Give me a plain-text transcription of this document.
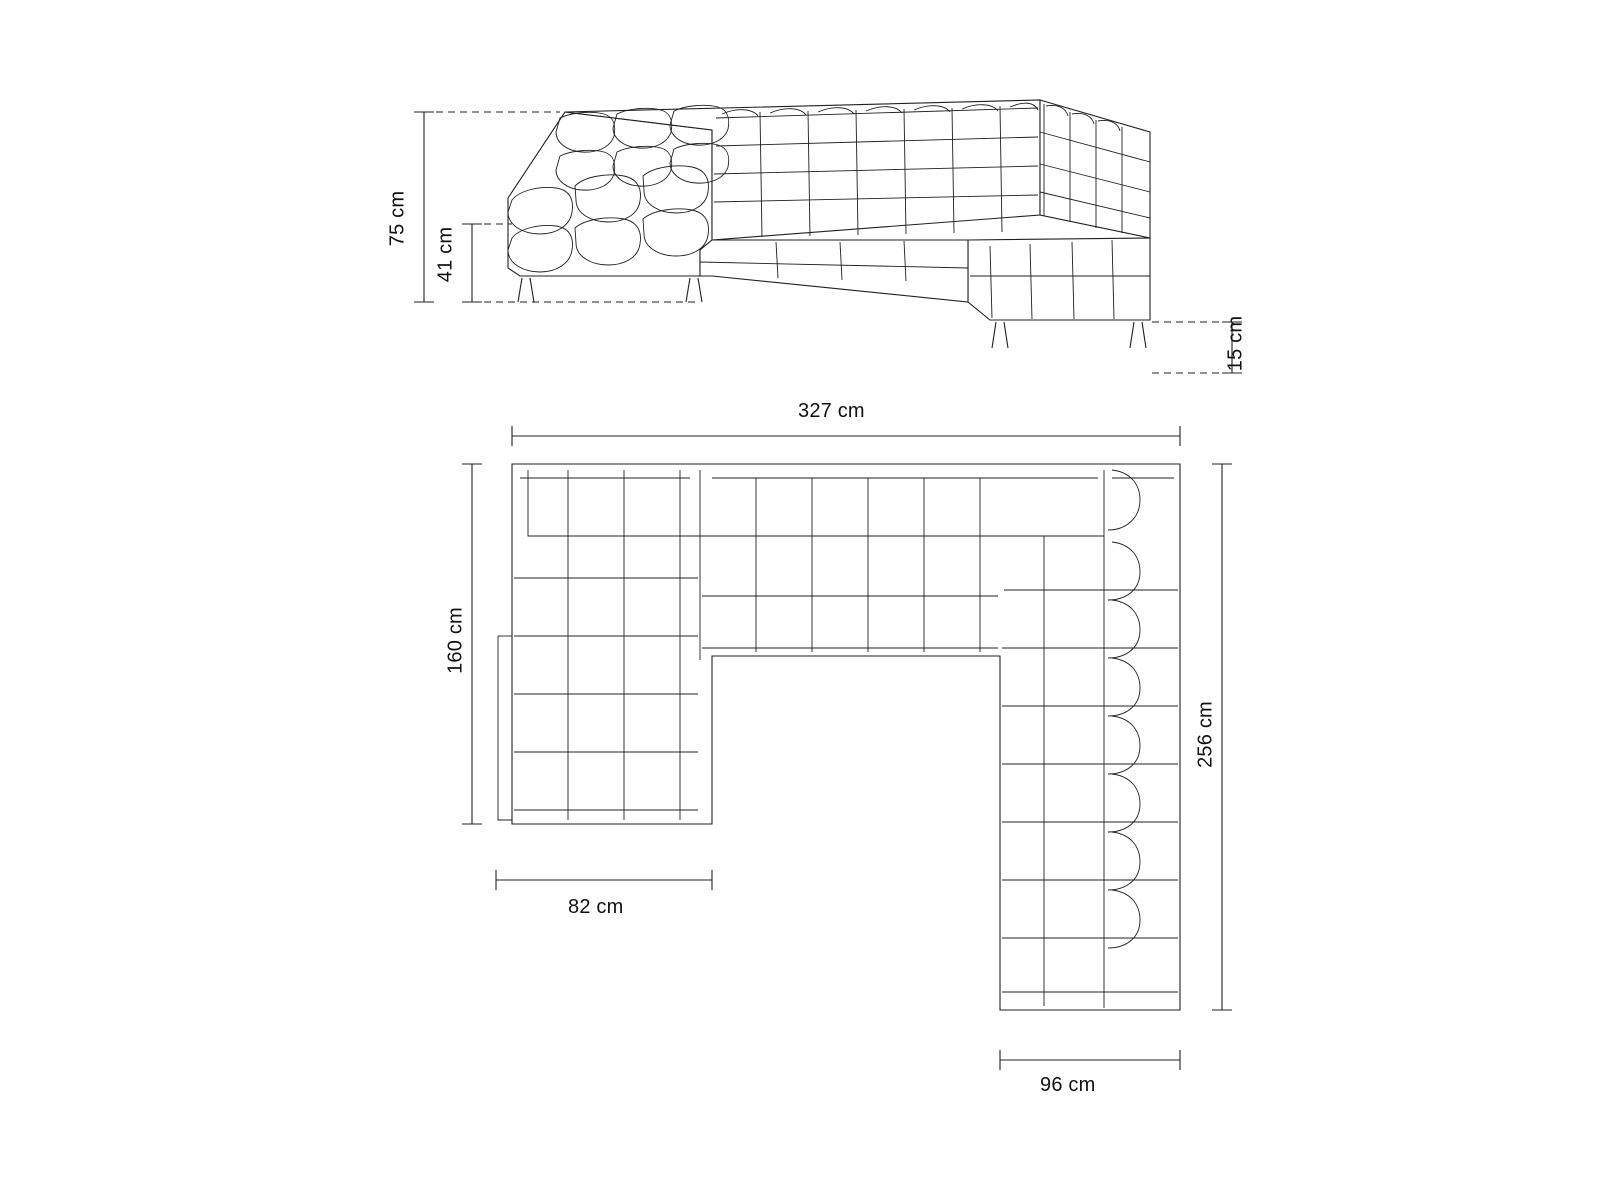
75 cm
41 cm
15 cm
327 cm
160 cm
256 cm
82 cm
96 cm
